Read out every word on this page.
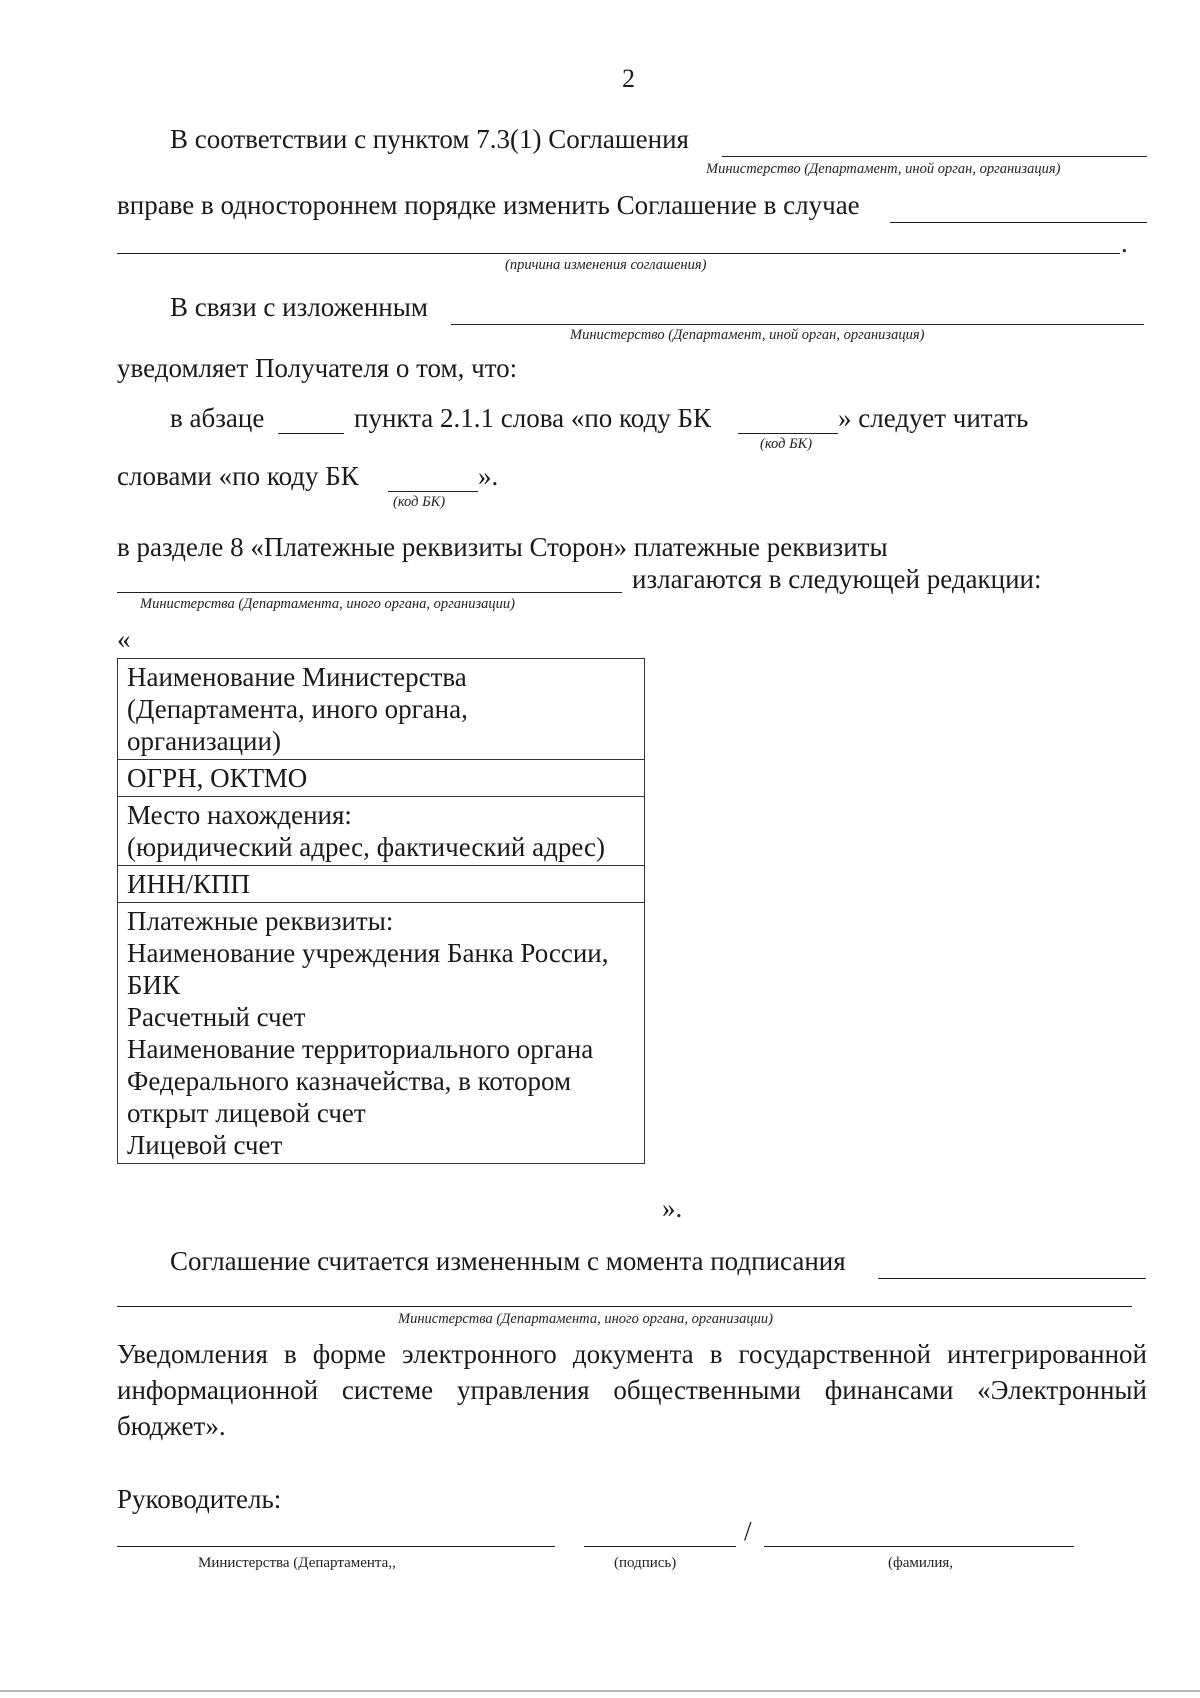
2
В соответствии с пунктом 7.3(1) Соглашения
Министерство (Департамент, иной орган, организация)
вправе в одностороннем порядке изменить Соглашение в случае
.
(причина изменения соглашения)
В связи с изложенным
Министерство (Департамент, иной орган, организация)
уведомляет Получателя о том, что:
в абзаце	пункта 2.1.1 слова «по коду БК	» следует читать
(код БК)
словами «по коду БК	».
(код БК)
в разделе 8 «Платежные реквизиты Сторон» платежные реквизиты
излагаются в следующей редакции:
Министерства (Департамента, иного органа, организации)
«
Наименование Министерства
(Департамента, иного органа,
организации)

ОГРН, ОКТМО

Место нахождения:
(юридический адрес, фактический адрес)

ИНН/КПП

Платежные реквизиты:
Наименование учреждения Банка России,
БИК
Расчетный счет
Наименование территориального органа
Федерального казначейства, в котором
открыт лицевой счет
Лицевой счет
».
Соглашение считается измененным с момента подписания
Министерства (Департамента, иного органа, организации)
Уведомления в форме электронного документа в государственной интегрированной информационной системе управления общественными финансами «Электронный бюджет».
Руководитель:
/
Министерства (Департамента,,	(подпись)	(фамилия,
